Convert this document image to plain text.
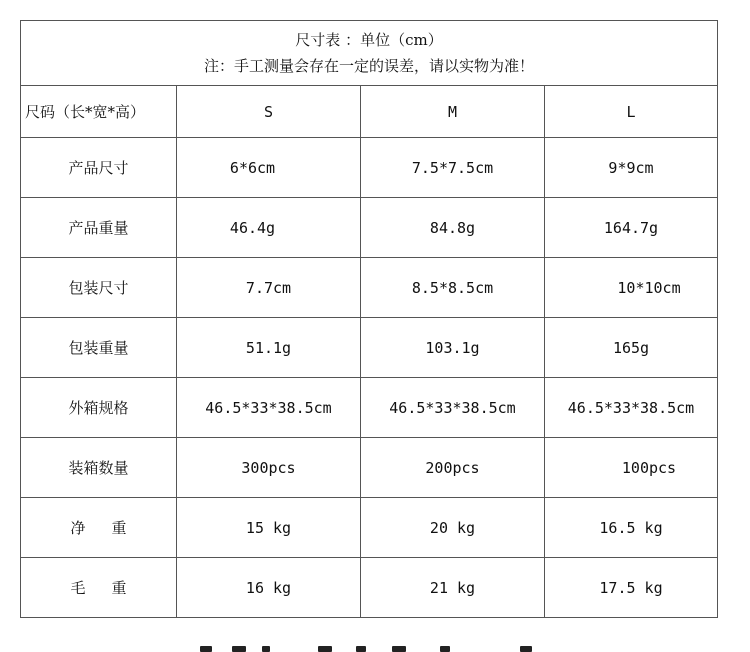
尺寸表 ：单位（cm）
注：手工测量会存在一定的误差，请以实物为准！			

尺码（长*宽*高）	S	M	L
产品尺寸	6*6cm	7.5*7.5cm	9*9cm
产品重量	46.4g	84.8g	164.7g
包装尺寸	7.7cm	8.5*8.5cm	10*10cm
包装重量	51.1g	103.1g	165g
外箱规格	46.5*33*38.5cm	46.5*33*38.5cm	46.5*33*38.5cm
装箱数量	300pcs	200pcs	100pcs
净重	15 kg	20 kg	16.5 kg
毛重	16 kg	21 kg	17.5 kg
